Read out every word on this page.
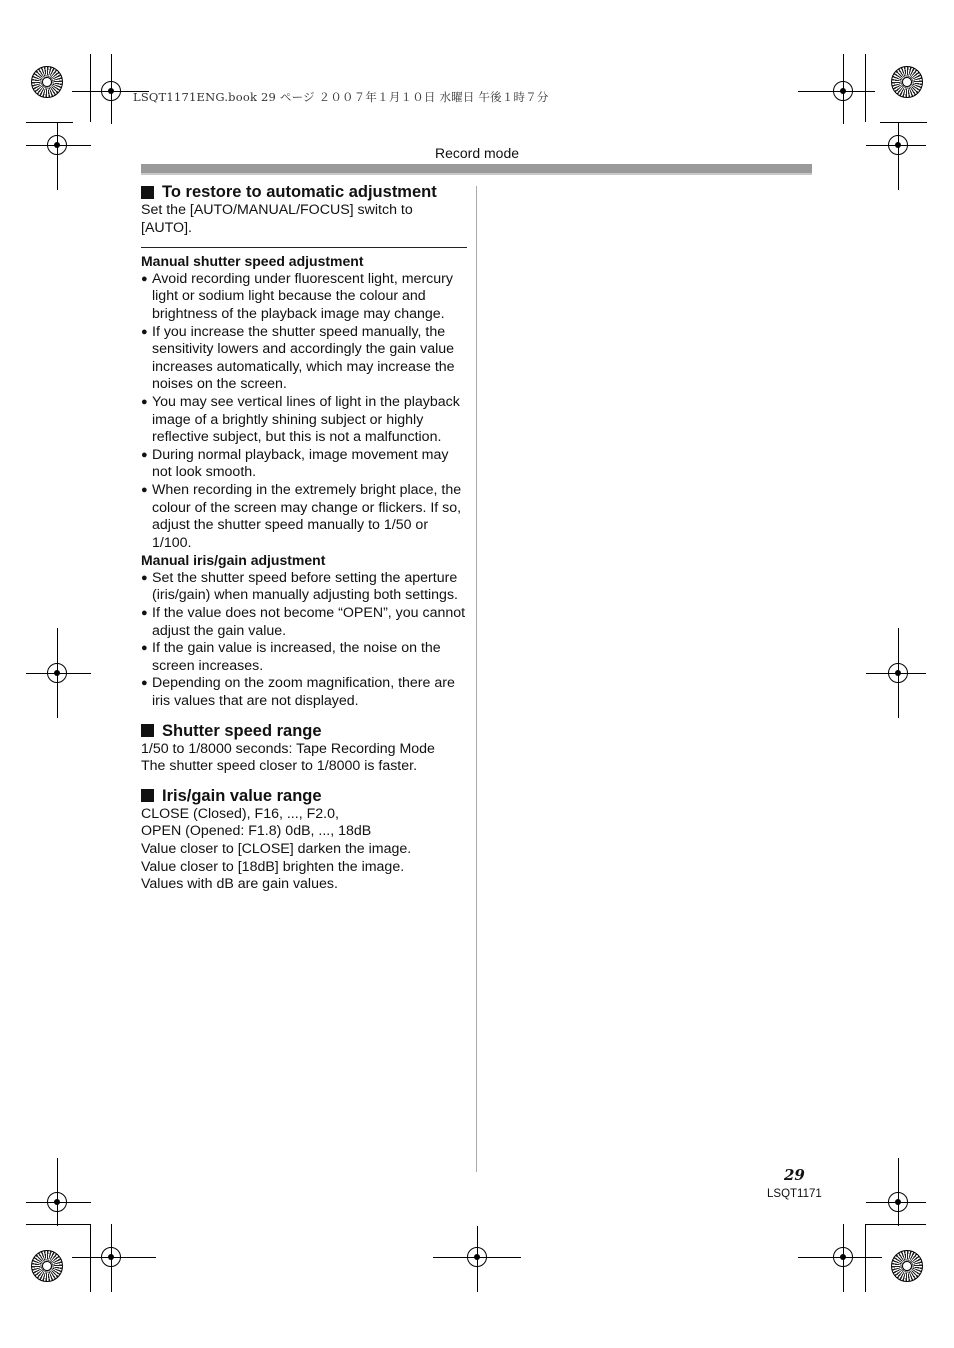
LSQT1171ENG.book 29 ページ ２００７年１月１０日 水曜日 午後１時７分
Record mode
To restore to automatic adjustment
Set the [AUTO/MANUAL/FOCUS] switch to [AUTO].
Manual shutter speed adjustment
● Avoid recording under fluorescent light, mercury light or sodium light because the colour and brightness of the playback image may change.
● If you increase the shutter speed manually, the sensitivity lowers and accordingly the gain value increases automatically, which may increase the noises on the screen.
● You may see vertical lines of light in the playback image of a brightly shining subject or highly reflective subject, but this is not a malfunction.
● During normal playback, image movement may not look smooth.
● When recording in the extremely bright place, the colour of the screen may change or flickers. If so, adjust the shutter speed manually to 1/50 or 1/100.
Manual iris/gain adjustment
● Set the shutter speed before setting the aperture (iris/gain) when manually adjusting both settings.
● If the value does not become “OPEN”, you cannot adjust the gain value.
● If the gain value is increased, the noise on the screen increases.
● Depending on the zoom magnification, there are iris values that are not displayed.
Shutter speed range
1/50 to 1/8000 seconds: Tape Recording Mode
The shutter speed closer to 1/8000 is faster.
Iris/gain value range
CLOSE (Closed), F16, ..., F2.0,
OPEN (Opened: F1.8) 0dB, ..., 18dB
Value closer to [CLOSE] darken the image.
Value closer to [18dB] brighten the image.
Values with dB are gain values.
29
LSQT1171
